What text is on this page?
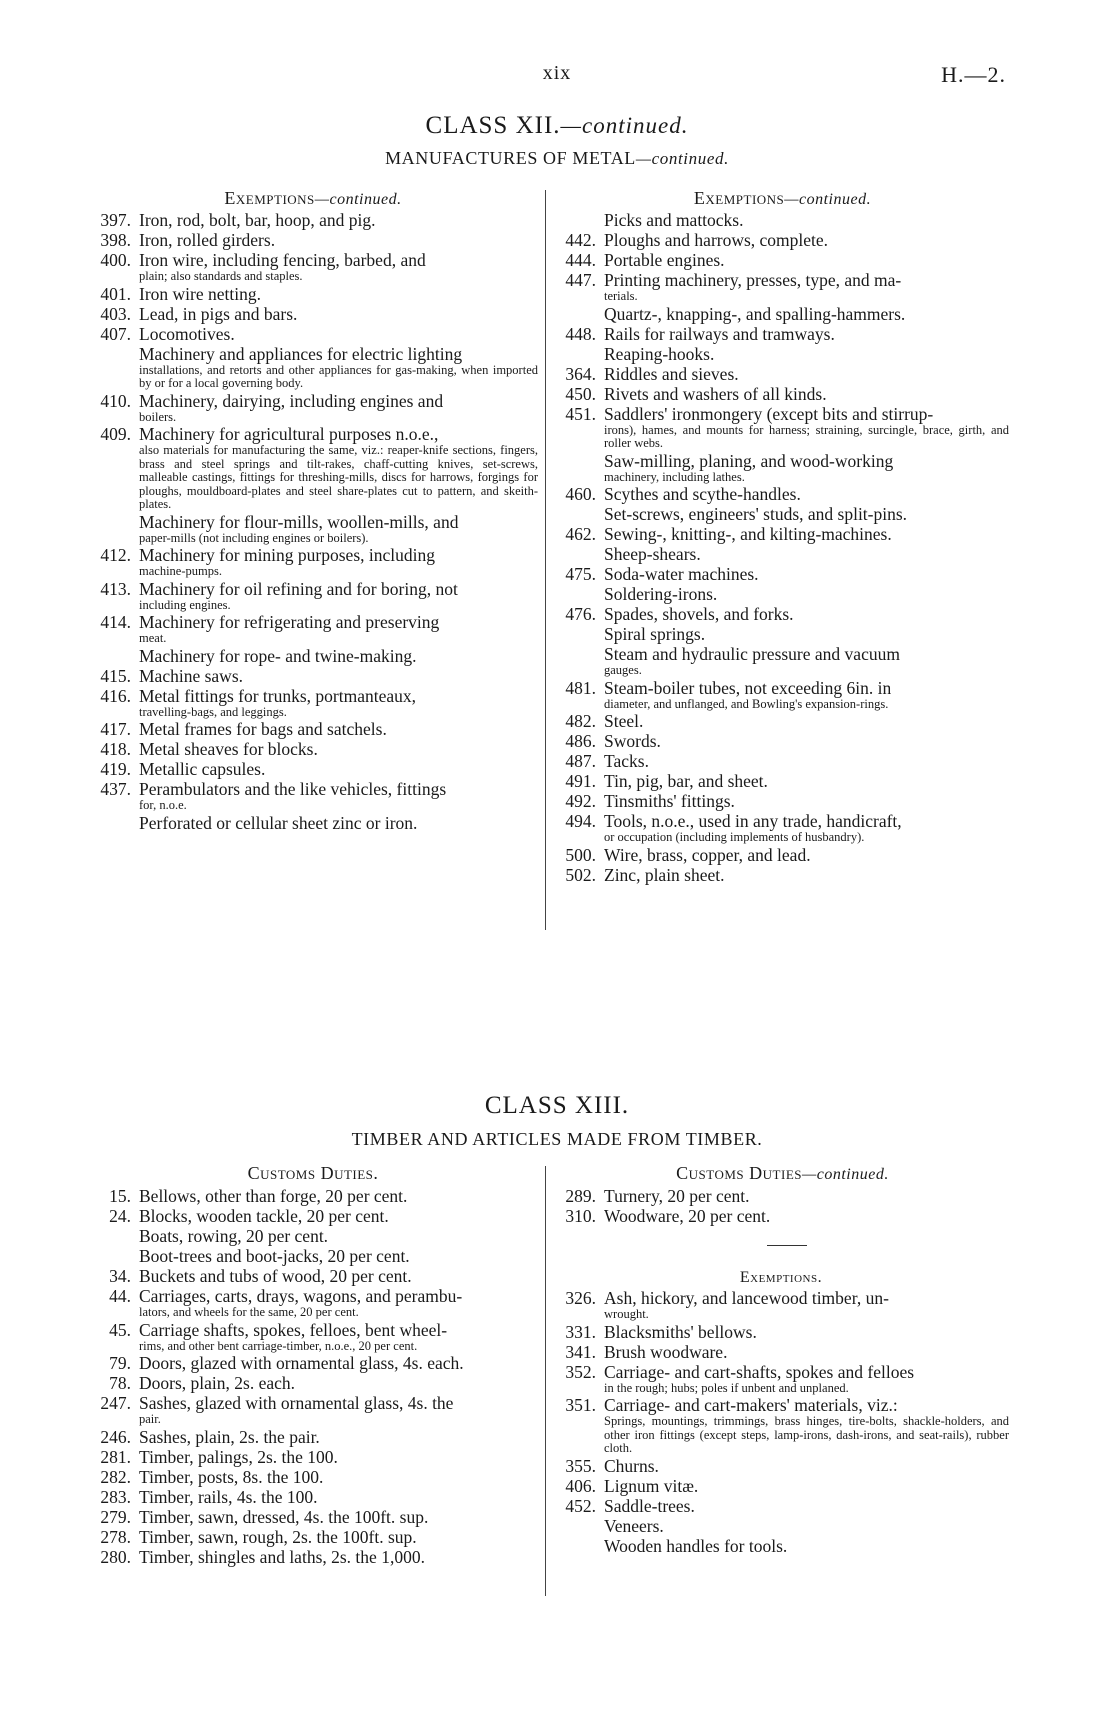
xix	H.—2.
CLASS XII.—continued.
MANUFACTURES OF METAL—continued.
Exemptions—continued.	Exemptions—continued.
397. Iron, rod, bolt, bar, hoop, and pig.
398. Iron, rolled girders.
400. Iron wire, including fencing, barbed, and
plain; also standards and staples.
401. Iron wire netting.
403. Lead, in pigs and bars.
407. Locomotives.
Machinery and appliances for electric lighting
installations, and retorts and other appliances for gas-making, when imported by or for a local governing body.
410. Machinery, dairying, including engines and
boilers.
409. Machinery for agricultural purposes n.o.e.,
also materials for manufacturing the same, viz.: reaper-knife sections, fingers, brass and steel springs and tilt-rakes, chaff-cutting knives, set-screws, malleable castings, fittings for threshing-mills, discs for harrows, forgings for ploughs, mouldboard-plates and steel share-plates cut to pattern, and skeith-plates.
Machinery for flour-mills, woollen-mills, and
paper-mills (not including engines or boilers).
412. Machinery for mining purposes, including
machine-pumps.
413. Machinery for oil refining and for boring, not
including engines.
414. Machinery for refrigerating and preserving
meat.
Machinery for rope- and twine-making.
415. Machine saws.
416. Metal fittings for trunks, portmanteaux,
travelling-bags, and leggings.
417. Metal frames for bags and satchels.
418. Metal sheaves for blocks.
419. Metallic capsules.
437. Perambulators and the like vehicles, fittings
for, n.o.e.
Perforated or cellular sheet zinc or iron.
Picks and mattocks.
442. Ploughs and harrows, complete.
444. Portable engines.
447. Printing machinery, presses, type, and ma-
terials.
Quartz-, knapping-, and spalling-hammers.
448. Rails for railways and tramways.
Reaping-hooks.
364. Riddles and sieves.
450. Rivets and washers of all kinds.
451. Saddlers' ironmongery (except bits and stirrup-
irons), hames, and mounts for harness; straining, surcingle, brace, girth, and roller webs.
Saw-milling, planing, and wood-working
machinery, including lathes.
460. Scythes and scythe-handles.
Set-screws, engineers' studs, and split-pins.
462. Sewing-, knitting-, and kilting-machines.
Sheep-shears.
475. Soda-water machines.
Soldering-irons.
476. Spades, shovels, and forks.
Spiral springs.
Steam and hydraulic pressure and vacuum
gauges.
481. Steam-boiler tubes, not exceeding 6in. in
diameter, and unflanged, and Bowling's expansion-rings.
482. Steel.
486. Swords.
487. Tacks.
491. Tin, pig, bar, and sheet.
492. Tinsmiths' fittings.
494. Tools, n.o.e., used in any trade, handicraft,
or occupation (including implements of husbandry).
500. Wire, brass, copper, and lead.
502. Zinc, plain sheet.
CLASS XIII.
TIMBER AND ARTICLES MADE FROM TIMBER.
Customs Duties.	Customs Duties—continued.
15. Bellows, other than forge, 20 per cent.
24. Blocks, wooden tackle, 20 per cent.
Boats, rowing, 20 per cent.
Boot-trees and boot-jacks, 20 per cent.
34. Buckets and tubs of wood, 20 per cent.
44. Carriages, carts, drays, wagons, and perambu-
lators, and wheels for the same, 20 per cent.
45. Carriage shafts, spokes, felloes, bent wheel-
rims, and other bent carriage-timber, n.o.e., 20 per cent.
79. Doors, glazed with ornamental glass, 4s. each.
78. Doors, plain, 2s. each.
247. Sashes, glazed with ornamental glass, 4s. the
pair.
246. Sashes, plain, 2s. the pair.
281. Timber, palings, 2s. the 100.
282. Timber, posts, 8s. the 100.
283. Timber, rails, 4s. the 100.
279. Timber, sawn, dressed, 4s. the 100ft. sup.
278. Timber, sawn, rough, 2s. the 100ft. sup.
280. Timber, shingles and laths, 2s. the 1,000.
289. Turnery, 20 per cent.
310. Woodware, 20 per cent.
Exemptions.
326. Ash, hickory, and lancewood timber, un-
wrought.
331. Blacksmiths' bellows.
341. Brush woodware.
352. Carriage- and cart-shafts, spokes and felloes
in the rough; hubs; poles if unbent and unplaned.
351. Carriage- and cart-makers' materials, viz.:
Springs, mountings, trimmings, brass hinges, tire-bolts, shackle-holders, and other iron fittings (except steps, lamp-irons, dash-irons, and seat-rails), rubber cloth.
355. Churns.
406. Lignum vitæ.
452. Saddle-trees.
Veneers.
Wooden handles for tools.
